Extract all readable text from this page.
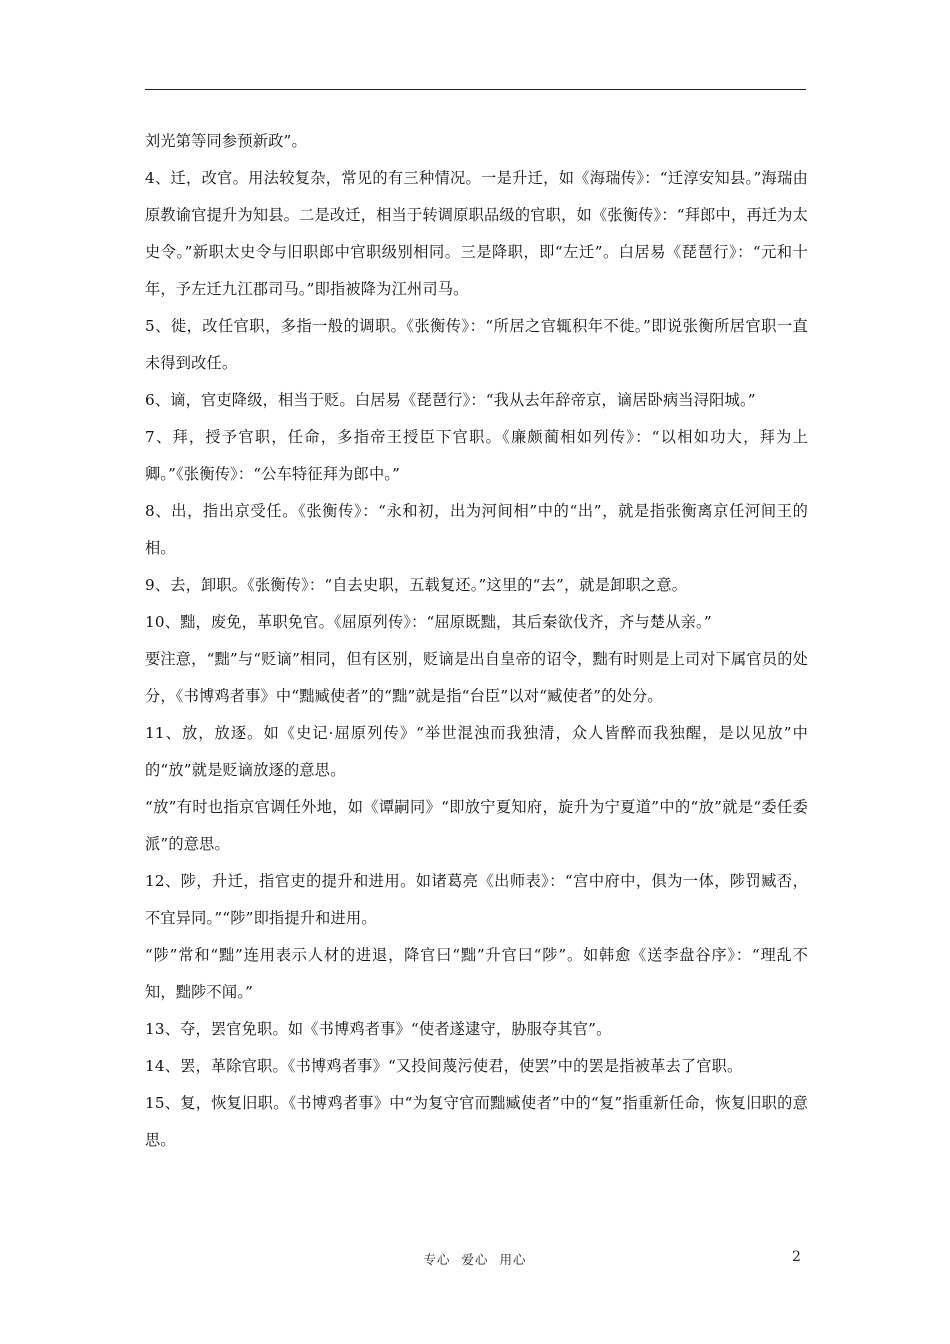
刘光第等同参预新政”。

4、迁，改官。用法较复杂，常见的有三种情况。一是升迁，如《海瑞传》：“迁淳安知县。”海瑞由原教谕官提升为知县。二是改迁，相当于转调原职品级的官职，如《张衡传》：“拜郎中，再迁为太史令。”新职太史令与旧职郎中官职级别相同。三是降职，即“左迁”。白居易《琵琶行》：“元和十年，予左迁九江郡司马。”即指被降为江州司马。

5、徙，改任官职，多指一般的调职。《张衡传》：“所居之官辄积年不徙。”即说张衡所居官职一直未得到改任。

6、谪，官吏降级，相当于贬。白居易《琵琶行》：“我从去年辞帝京，谪居卧病当浔阳城。”

7、拜，授予官职，任命，多指帝王授臣下官职。《廉颇蔺相如列传》：“以相如功大，拜为上卿。”《张衡传》：“公车特征拜为郎中。”

8、出，指出京受任。《张衡传》：“永和初，出为河间相”中的“出”，就是指张衡离京任河间王的相。

9、去，卸职。《张衡传》：“自去史职，五载复还。”这里的“去”，就是卸职之意。

10、黜，废免，革职免官。《屈原列传》：“屈原既黜，其后秦欲伐齐，齐与楚从亲。”

要注意，“黜”与“贬谪”相同，但有区别，贬谪是出自皇帝的诏令，黜有时则是上司对下属官员的处分，《书博鸡者事》中“黜臧使者”的“黜”就是指“台臣”以对“臧使者”的处分。

11、放，放逐。如《史记·屈原列传》“举世混浊而我独清，众人皆醉而我独醒，是以见放”中的“放”就是贬谪放逐的意思。

“放”有时也指京官调任外地，如《谭嗣同》“即放宁夏知府，旋升为宁夏道”中的“放”就是“委任委派”的意思。

12、陟，升迁，指官吏的提升和进用。如诸葛亮《出师表》：“宫中府中，俱为一体，陟罚臧否，不宜异同。”“陟”即指提升和进用。

“陟”常和“黜”连用表示人材的进退，降官曰“黜”升官曰“陟”。如韩愈《送李盘谷序》：“理乱不知，黜陟不闻。”

13、夺，罢官免职。如《书博鸡者事》“使者遂逮守，胁服夺其官”。

14、罢，革除官职。《书博鸡者事》“又投间蔑污使君，使罢”中的罢是指被革去了官职。

15、复，恢复旧职。《书博鸡者事》中“为复守官而黜臧使者”中的“复”指重新任命，恢复旧职的意思。

专心 爱心 用心	2
